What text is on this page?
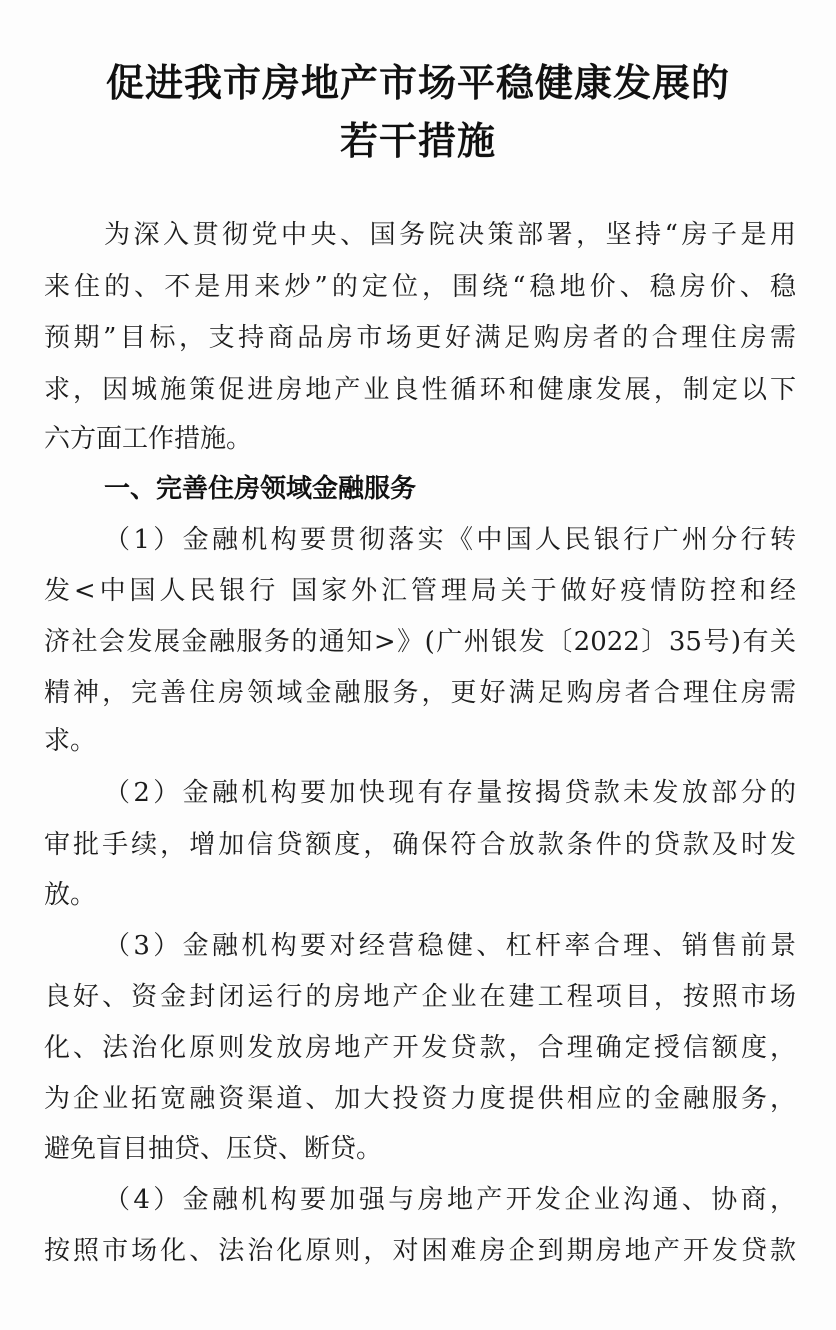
促进我市房地产市场平稳健康发展的
若干措施
为深入贯彻党中央、国务院决策部署，坚持“房子是用
来住的、不是用来炒”的定位，围绕“稳地价、稳房价、稳
预期”目标，支持商品房市场更好满足购房者的合理住房需
求，因城施策促进房地产业良性循环和健康发展，制定以下
六方面工作措施。
一、完善住房领域金融服务
（1）金融机构要贯彻落实《中国人民银行广州分行转
发<中国人民银行 国家外汇管理局关于做好疫情防控和经
济社会发展金融服务的通知>》(广州银发〔2022〕35号)有关
精神，完善住房领域金融服务，更好满足购房者合理住房需
求。
（2）金融机构要加快现有存量按揭贷款未发放部分的
审批手续，增加信贷额度，确保符合放款条件的贷款及时发
放。
（3）金融机构要对经营稳健、杠杆率合理、销售前景
良好、资金封闭运行的房地产企业在建工程项目，按照市场
化、法治化原则发放房地产开发贷款，合理确定授信额度，
为企业拓宽融资渠道、加大投资力度提供相应的金融服务，
避免盲目抽贷、压贷、断贷。
（4）金融机构要加强与房地产开发企业沟通、协商，
按照市场化、法治化原则，对困难房企到期房地产开发贷款
